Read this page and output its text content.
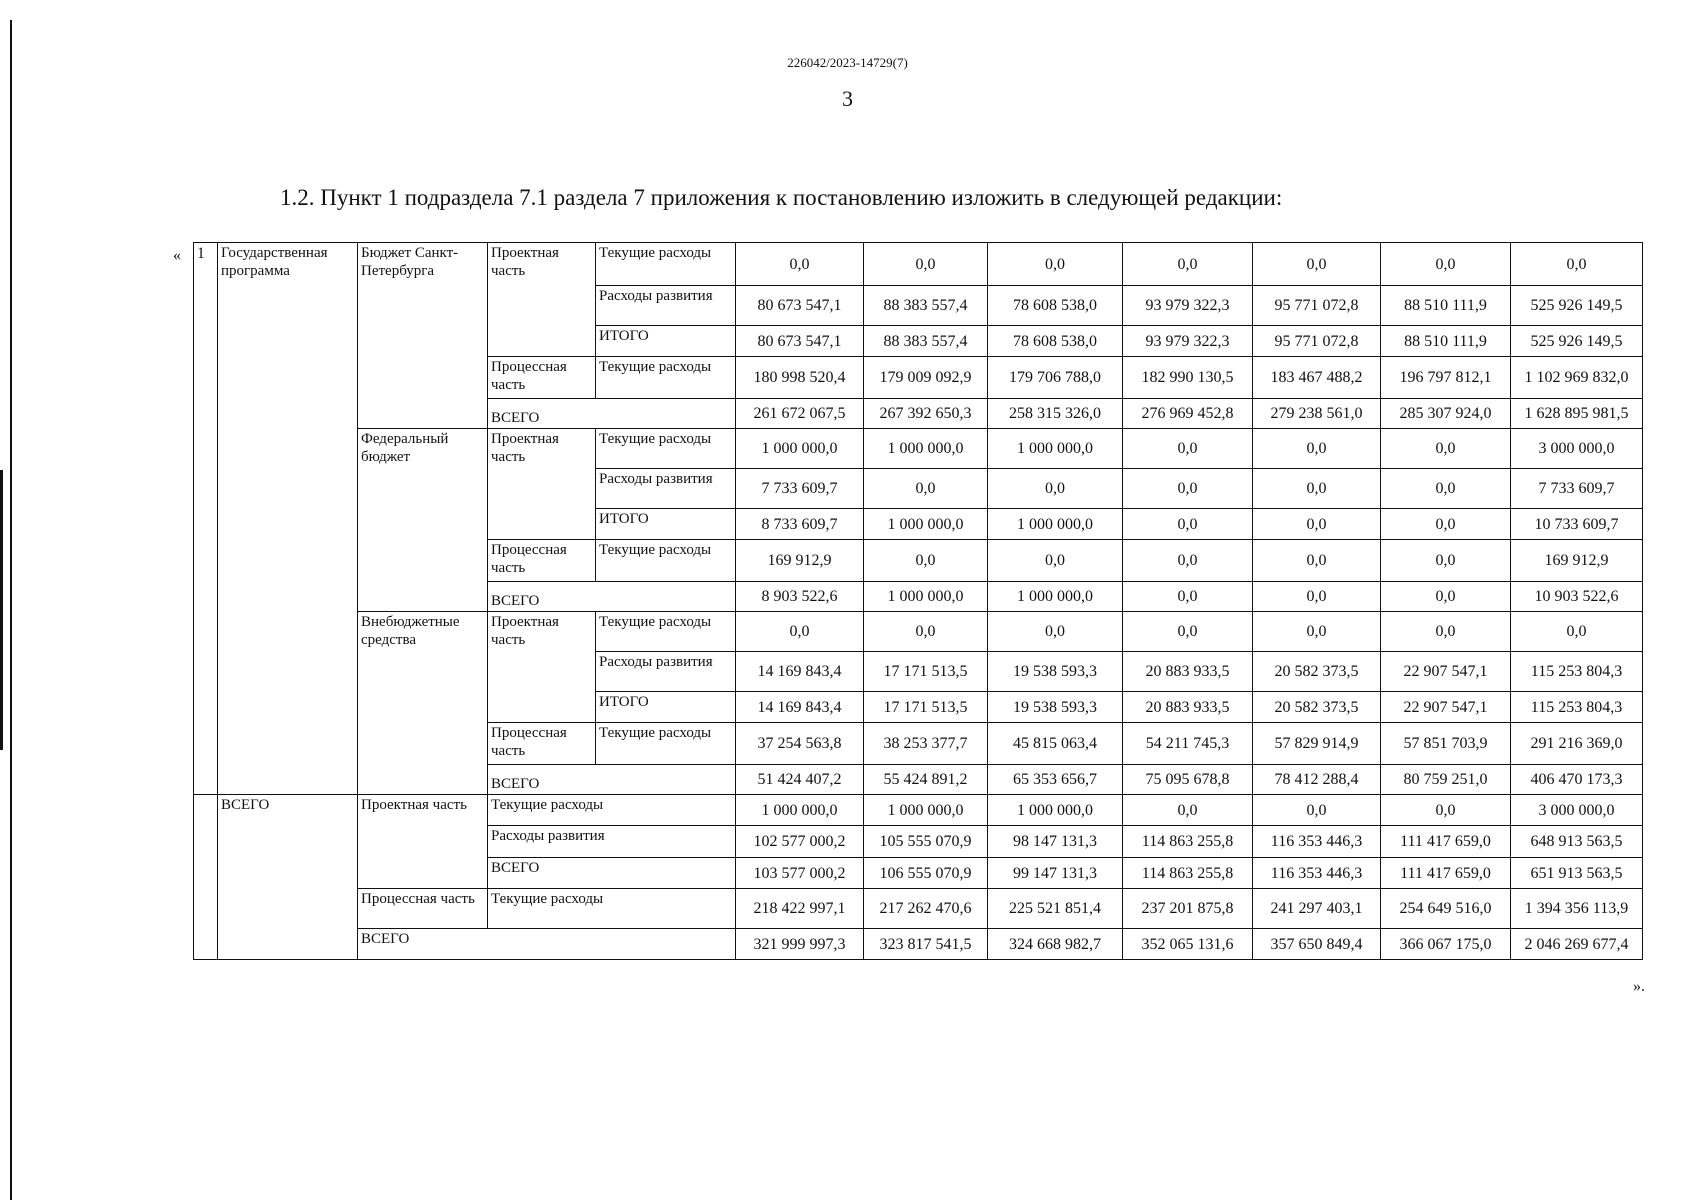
226042/2023-14729(7)
3
1.2. Пункт 1 подраздела 7.1 раздела 7 приложения к постановлению изложить в следующей редакции:
«
».
1	Государственная программа	Бюджет Санкт-Петербурга	Проектная часть	Текущие расходы	0,0	0,0	0,0	0,0	0,0	0,0	0,0
				Расходы развития	80 673 547,1	88 383 557,4	78 608 538,0	93 979 322,3	95 771 072,8	88 510 111,9	525 926 149,5
				ИТОГО	80 673 547,1	88 383 557,4	78 608 538,0	93 979 322,3	95 771 072,8	88 510 111,9	525 926 149,5
			Процессная часть	Текущие расходы	180 998 520,4	179 009 092,9	179 706 788,0	182 990 130,5	183 467 488,2	196 797 812,1	1 102 969 832,0
			ВСЕГО		261 672 067,5	267 392 650,3	258 315 326,0	276 969 452,8	279 238 561,0	285 307 924,0	1 628 895 981,5
		Федеральный бюджет	Проектная часть	Текущие расходы	1 000 000,0	1 000 000,0	1 000 000,0	0,0	0,0	0,0	3 000 000,0
				Расходы развития	7 733 609,7	0,0	0,0	0,0	0,0	0,0	7 733 609,7
				ИТОГО	8 733 609,7	1 000 000,0	1 000 000,0	0,0	0,0	0,0	10 733 609,7
			Процессная часть	Текущие расходы	169 912,9	0,0	0,0	0,0	0,0	0,0	169 912,9
			ВСЕГО		8 903 522,6	1 000 000,0	1 000 000,0	0,0	0,0	0,0	10 903 522,6
		Внебюджетные средства	Проектная часть	Текущие расходы	0,0	0,0	0,0	0,0	0,0	0,0	0,0
				Расходы развития	14 169 843,4	17 171 513,5	19 538 593,3	20 883 933,5	20 582 373,5	22 907 547,1	115 253 804,3
				ИТОГО	14 169 843,4	17 171 513,5	19 538 593,3	20 883 933,5	20 582 373,5	22 907 547,1	115 253 804,3
			Процессная часть	Текущие расходы	37 254 563,8	38 253 377,7	45 815 063,4	54 211 745,3	57 829 914,9	57 851 703,9	291 216 369,0
			ВСЕГО		51 424 407,2	55 424 891,2	65 353 656,7	75 095 678,8	78 412 288,4	80 759 251,0	406 470 173,3
	ВСЕГО	Проектная часть	Текущие расходы		1 000 000,0	1 000 000,0	1 000 000,0	0,0	0,0	0,0	3 000 000,0
			Расходы развития		102 577 000,2	105 555 070,9	98 147 131,3	114 863 255,8	116 353 446,3	111 417 659,0	648 913 563,5
			ВСЕГО		103 577 000,2	106 555 070,9	99 147 131,3	114 863 255,8	116 353 446,3	111 417 659,0	651 913 563,5
		Процессная часть	Текущие расходы		218 422 997,1	217 262 470,6	225 521 851,4	237 201 875,8	241 297 403,1	254 649 516,0	1 394 356 113,9
		ВСЕГО			321 999 997,3	323 817 541,5	324 668 982,7	352 065 131,6	357 650 849,4	366 067 175,0	2 046 269 677,4
